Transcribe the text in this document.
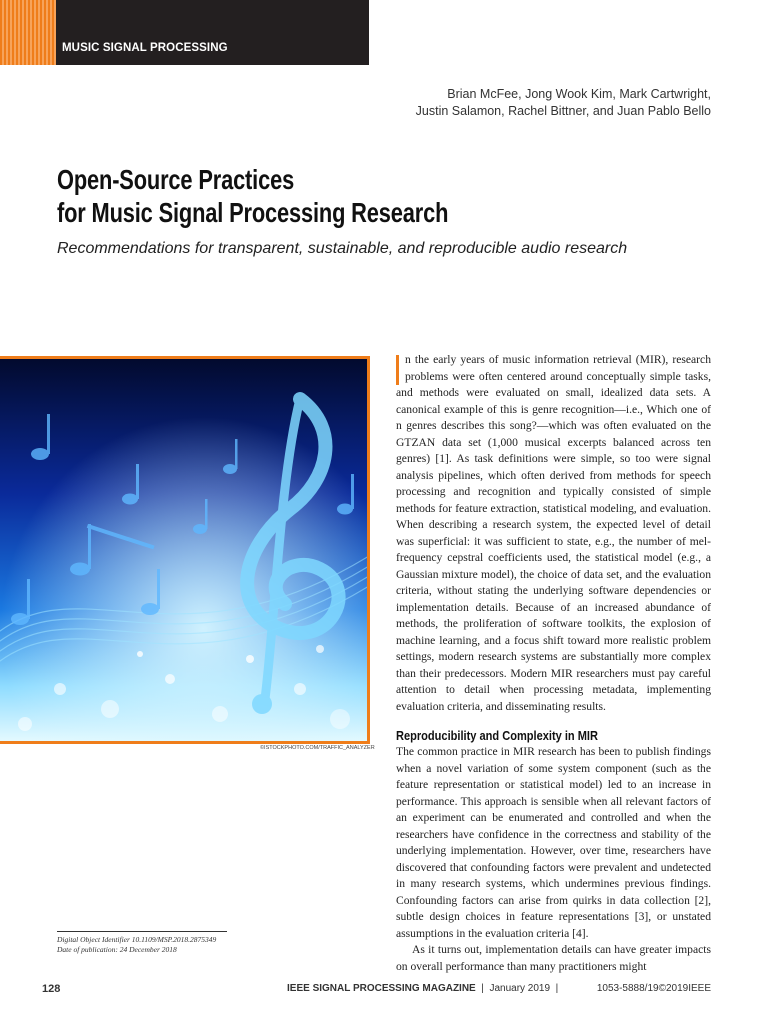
MUSIC SIGNAL PROCESSING
Brian McFee, Jong Wook Kim, Mark Cartwright,
Justin Salamon, Rachel Bittner, and Juan Pablo Bello
Open-Source Practices
for Music Signal Processing Research
Recommendations for transparent, sustainable, and reproducible audio research
©ISTOCKPHOTO.COM/TRAFFIC_ANALYZER

n the early years of music information retrieval (MIR), research problems were often centered around conceptually simple tasks, and methods were evaluated on small, idealized data sets. A canonical example of this is genre recognition—i.e., Which one of n genres describes this song?—which was often evaluated on the GTZAN data set (1,000 musical excerpts balanced across ten genres) [1]. As task definitions were simple, so too were signal analysis pipelines, which often derived from methods for speech processing and recognition and typically consisted of simple methods for feature extraction, statistical modeling, and evaluation. When describing a research system, the expected level of detail was superficial: it was sufficient to state, e.g., the number of mel-frequency cepstral coefficients used, the statistical model (e.g., a Gaussian mixture model), the choice of data set, and the evaluation criteria, without stating the underlying software dependencies or implementation details. Because of an increased abundance of methods, the proliferation of software toolkits, the explosion of machine learning, and a focus shift toward more realistic problem settings, modern research systems are substantially more complex than their predecessors. Modern MIR researchers must pay careful attention to detail when processing metadata, implementing evaluation criteria, and disseminating results.

Reproducibility and Complexity in MIR

The common practice in MIR research has been to publish findings when a novel variation of some system component (such as the feature representation or statistical model) led to an increase in performance. This approach is sensible when all relevant factors of an experiment can be enumerated and controlled and when the researchers have confidence in the correctness and stability of the underlying implementation. However, over time, researchers have discovered that confounding factors were prevalent and undetected in many research systems, which undermines previous findings. Confounding factors can arise from quirks in data collection [2], subtle design choices in feature representations [3], or unstated assumptions in the evaluation criteria [4].

As it turns out, implementation details can have greater impacts on overall performance than many practitioners might

Digital Object Identifier 10.1109/MSP.2018.2875349
Date of publication: 24 December 2018
128	IEEE SIGNAL PROCESSING MAGAZINE  |  January 2019  |	1053-5888/19©2019IEEE
